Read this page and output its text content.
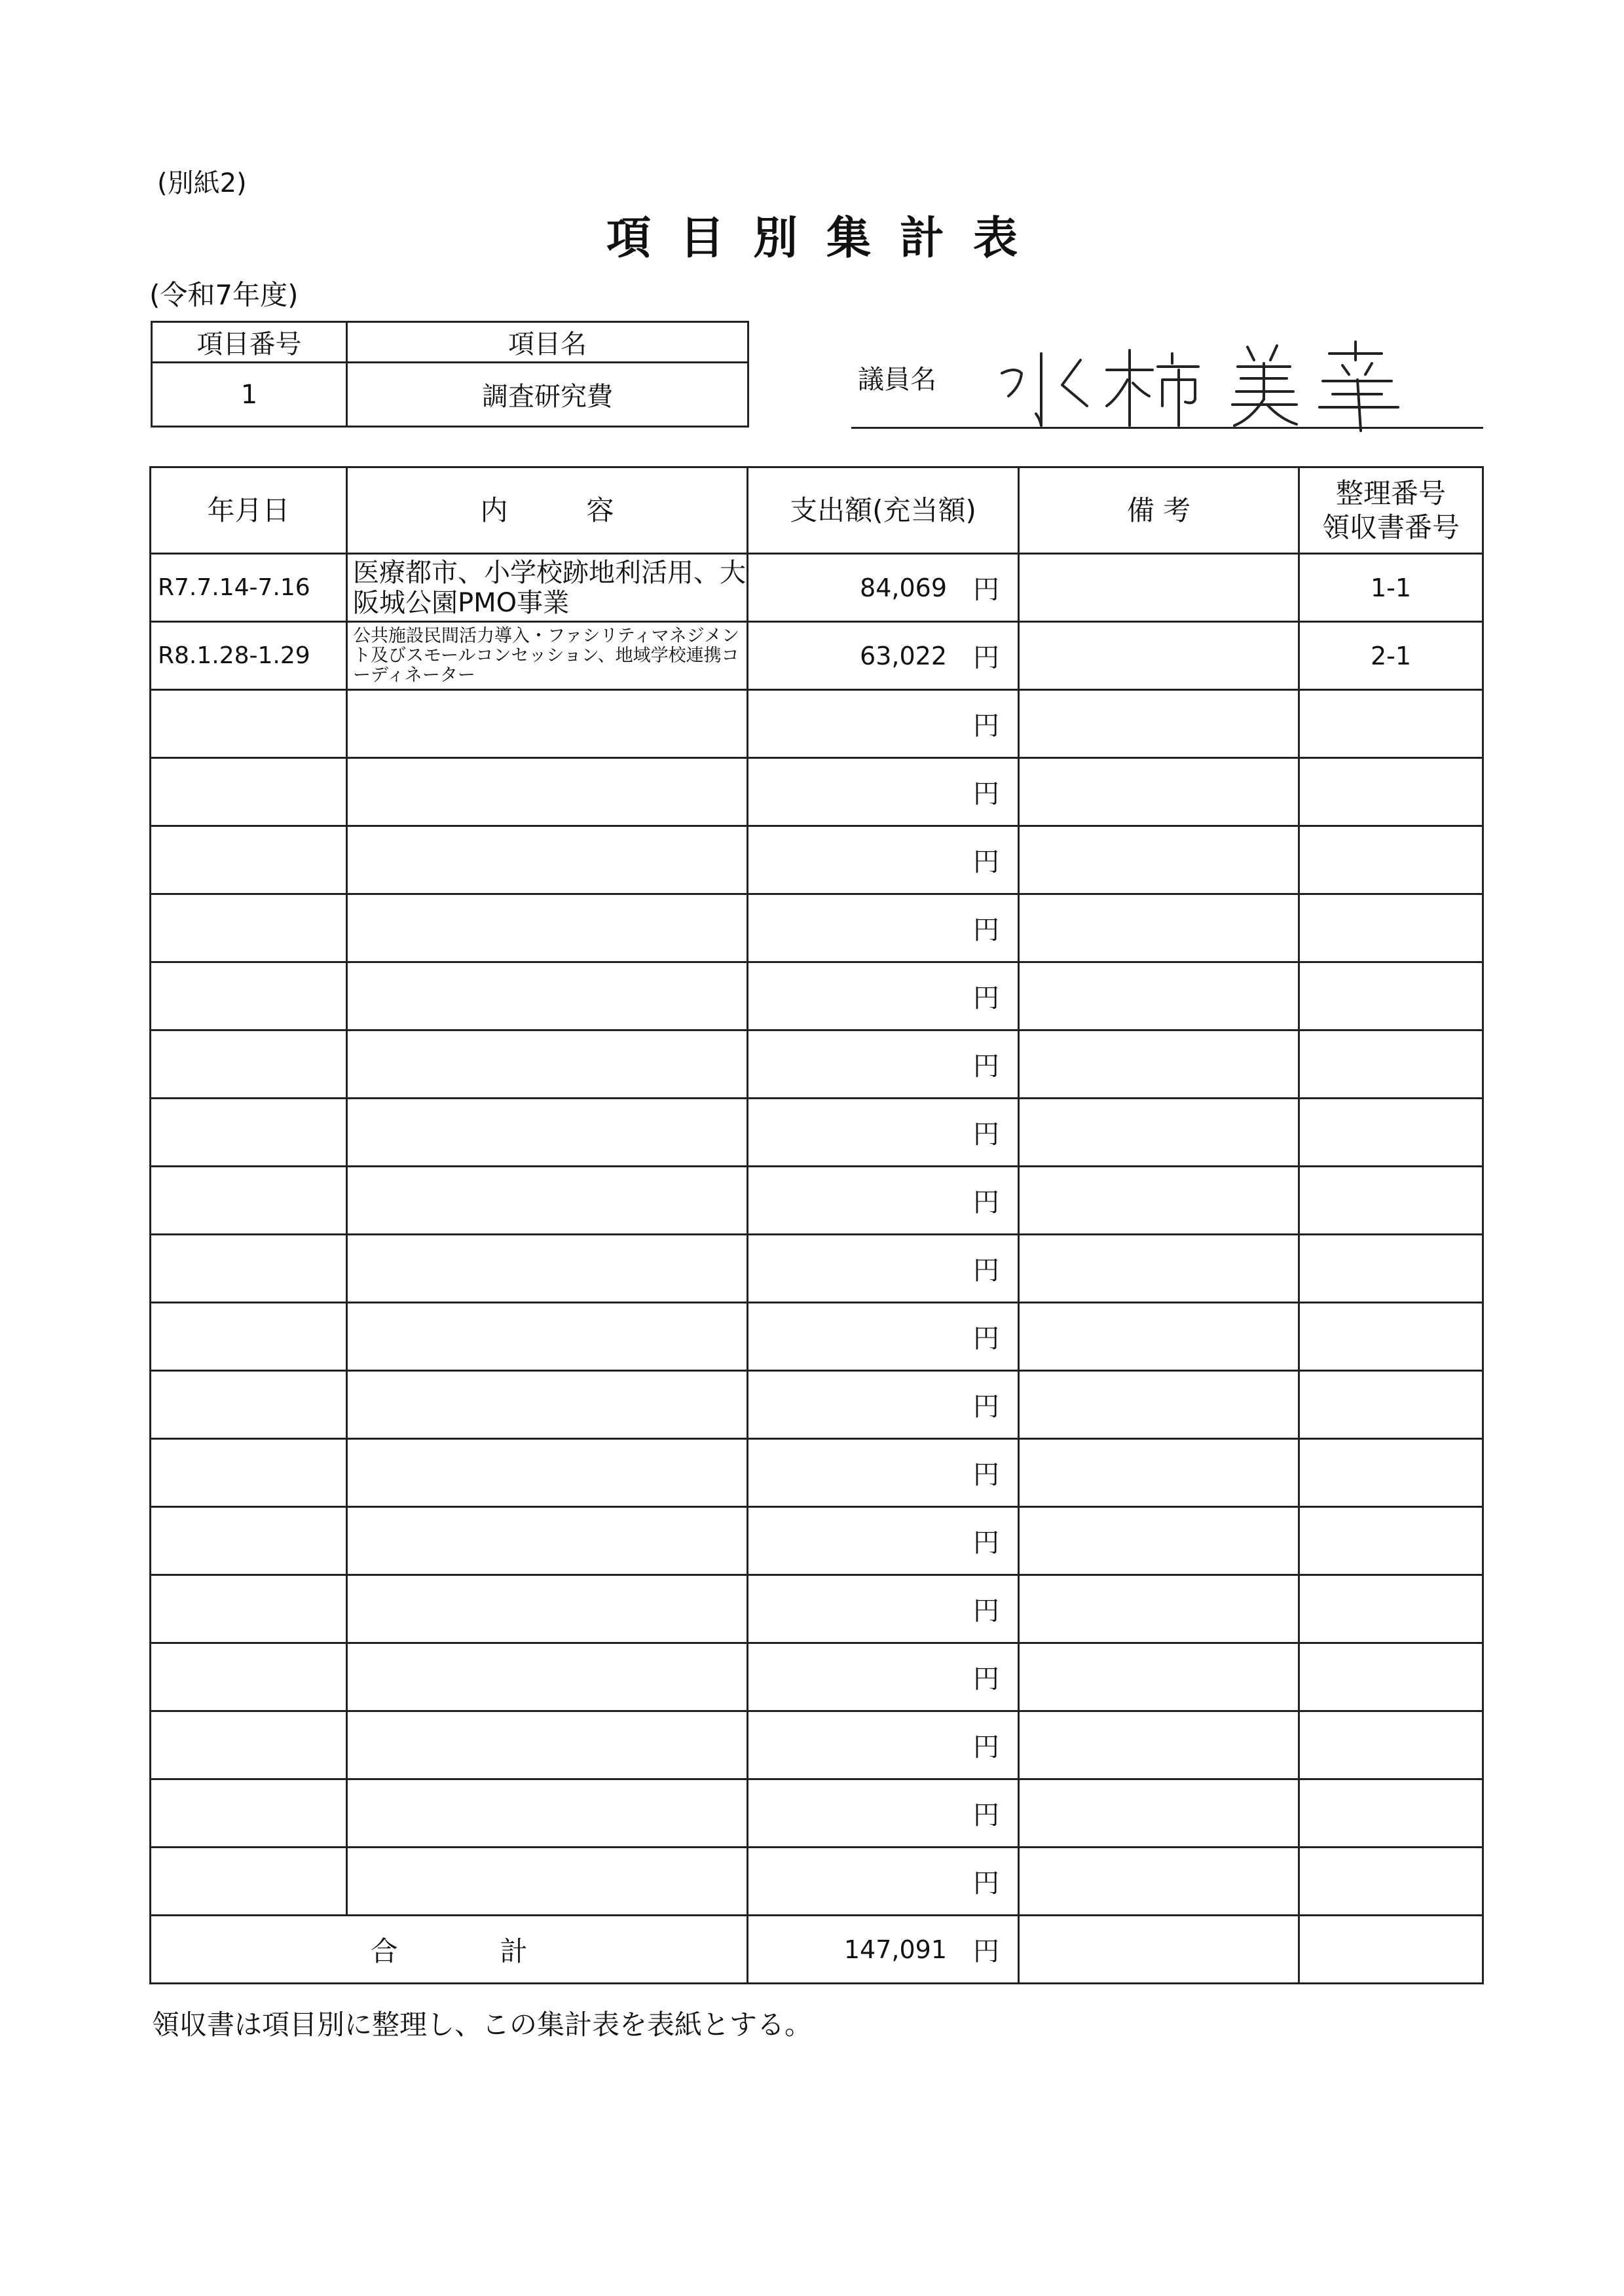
(別紙2)
項目別集計表
(令和7年度)
項目番号	項目名
1	調査研究費
議員名
年月日	内 容	支出額(充当額)	備 考	整理番号
領収書番号

R7.7.14-7.16	医療都市、小学校跡地利活用、大阪城公園PMO事業	84,069 円		1-1
R8.1.28-1.29	公共施設民間活力導入・ファシリティマネジメント及びスモールコンセッション、地域学校連携コーディネーター	63,022 円		2-1

		円		

		円		

		円		

		円		

		円		

		円		

		円		

		円		

		円		

		円		

		円		

		円		

		円		

		円		

		円		

		円		

		円		

		円		

合 計		147,091 円		

領収書は項目別に整理し、この集計表を表紙とする。
